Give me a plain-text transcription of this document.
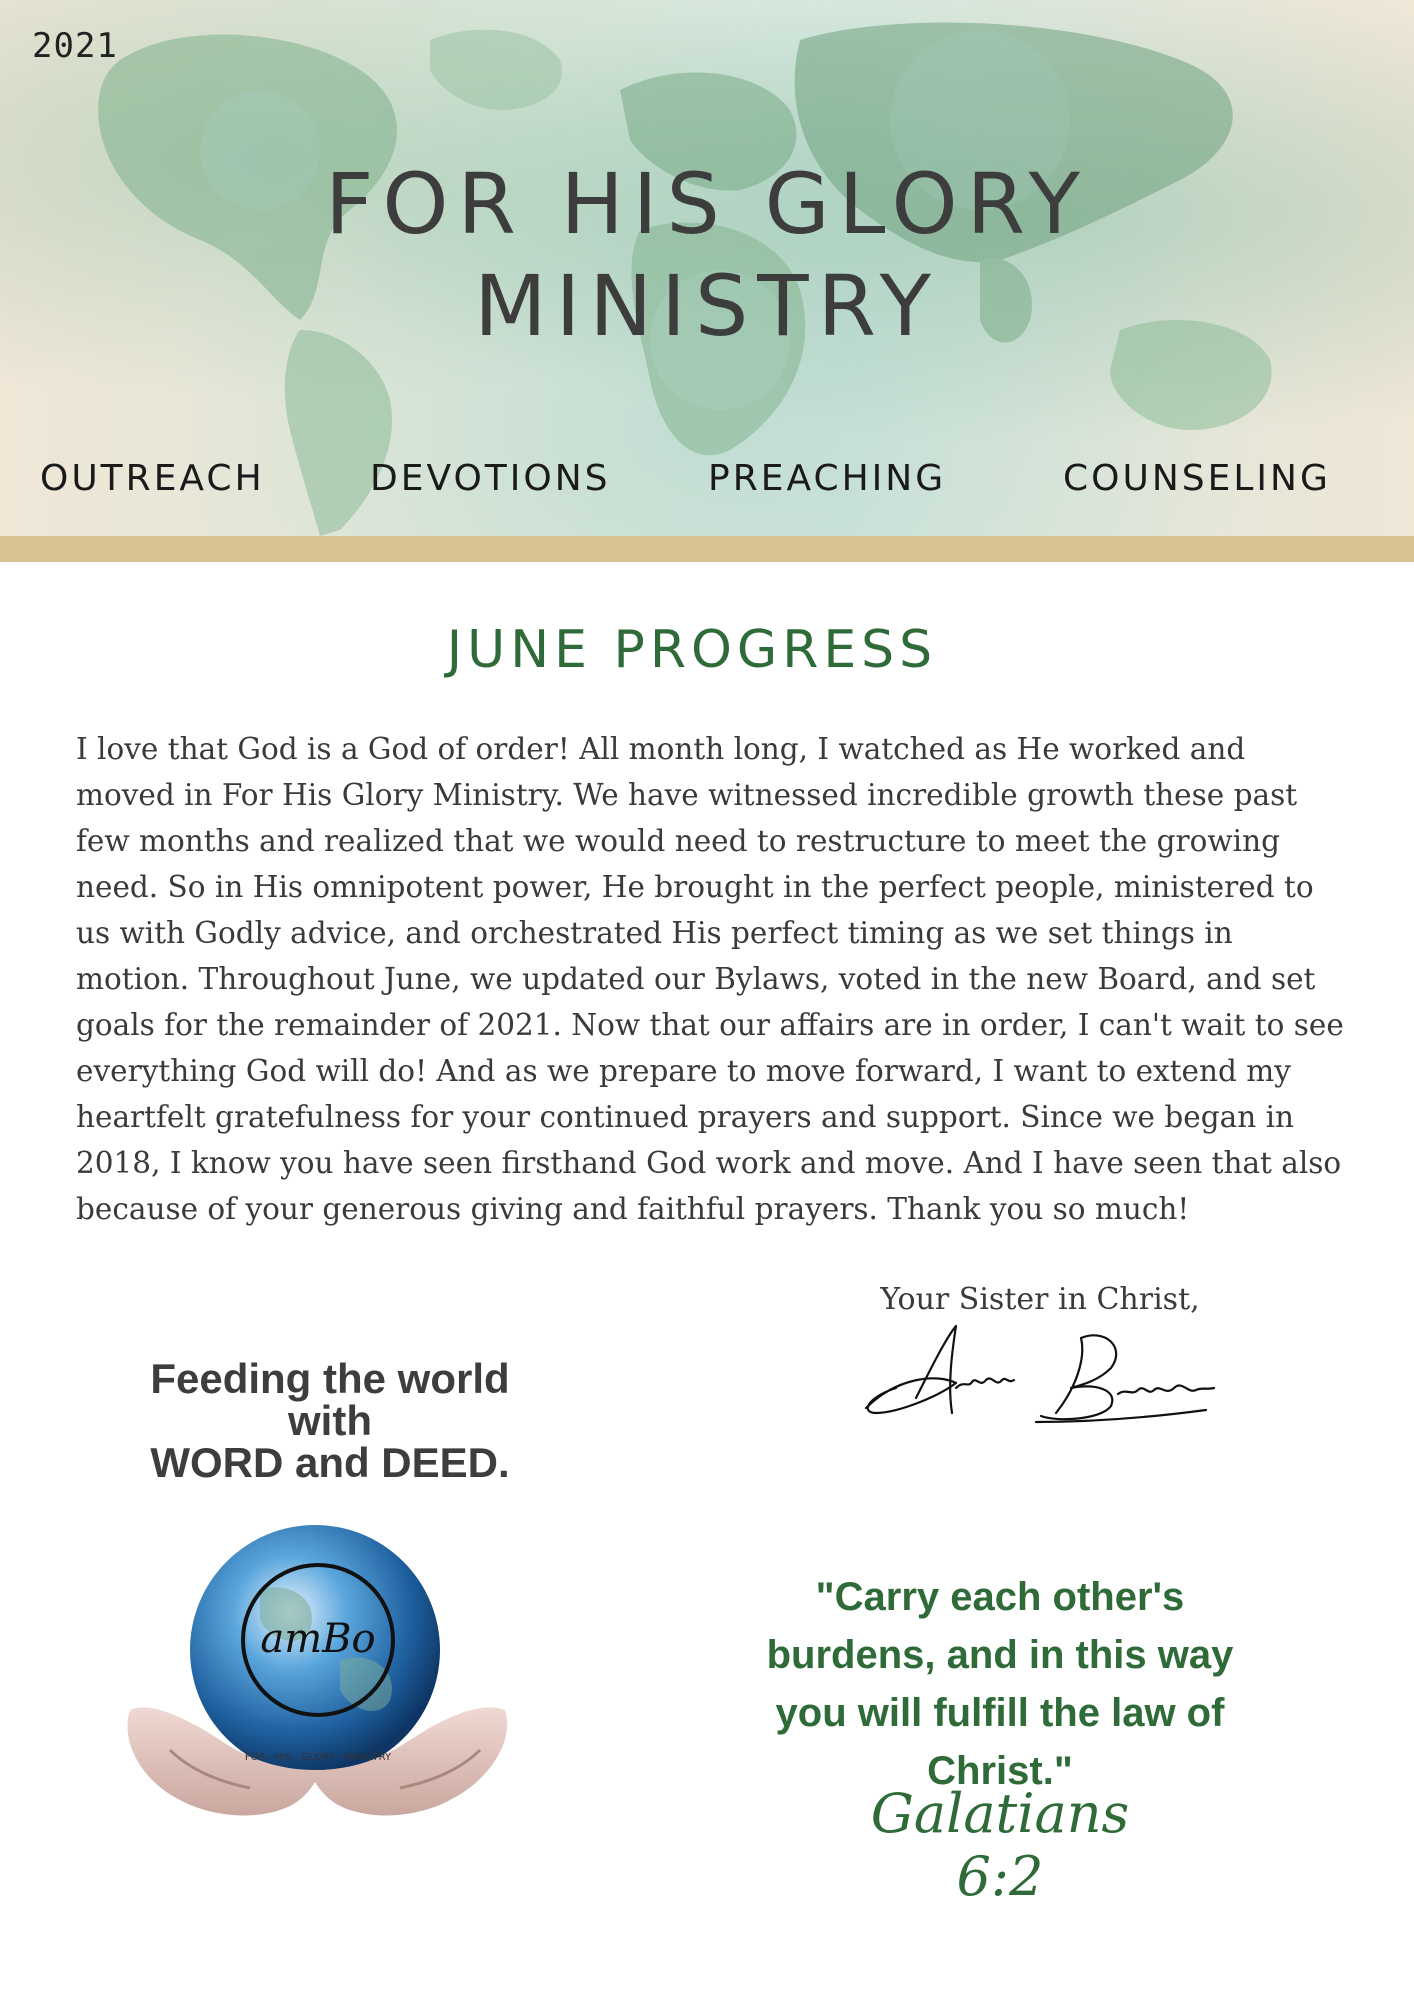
2021
FOR HIS GLORY
MINISTRY
OUTREACH	DEVOTIONS	PREACHING	COUNSELING
JUNE PROGRESS
I love that God is a God of order! All month long, I watched as He worked and moved in For His Glory Ministry. We have witnessed incredible growth these past few months and realized that we would need to restructure to meet the growing need. So in His omnipotent power, He brought in the perfect people, ministered to us with Godly advice, and orchestrated His perfect timing as we set things in motion. Throughout June, we updated our Bylaws, voted in the new Board, and set goals for the remainder of 2021. Now that our affairs are in order, I can't wait to see everything God will do! And as we prepare to move forward, I want to extend my heartfelt gratefulness for your continued prayers and support. Since we began in 2018, I know you have seen firsthand God work and move. And I have seen that also because of your generous giving and faithful prayers. Thank you so much!
Your Sister in Christ,
Feeding the world
with
WORD and DEED.
amBo
FOR · HIS · GLORY · MINISTRY
"Carry each other's burdens, and in this way you will fulfill the law of Christ."
Galatians 6:2
